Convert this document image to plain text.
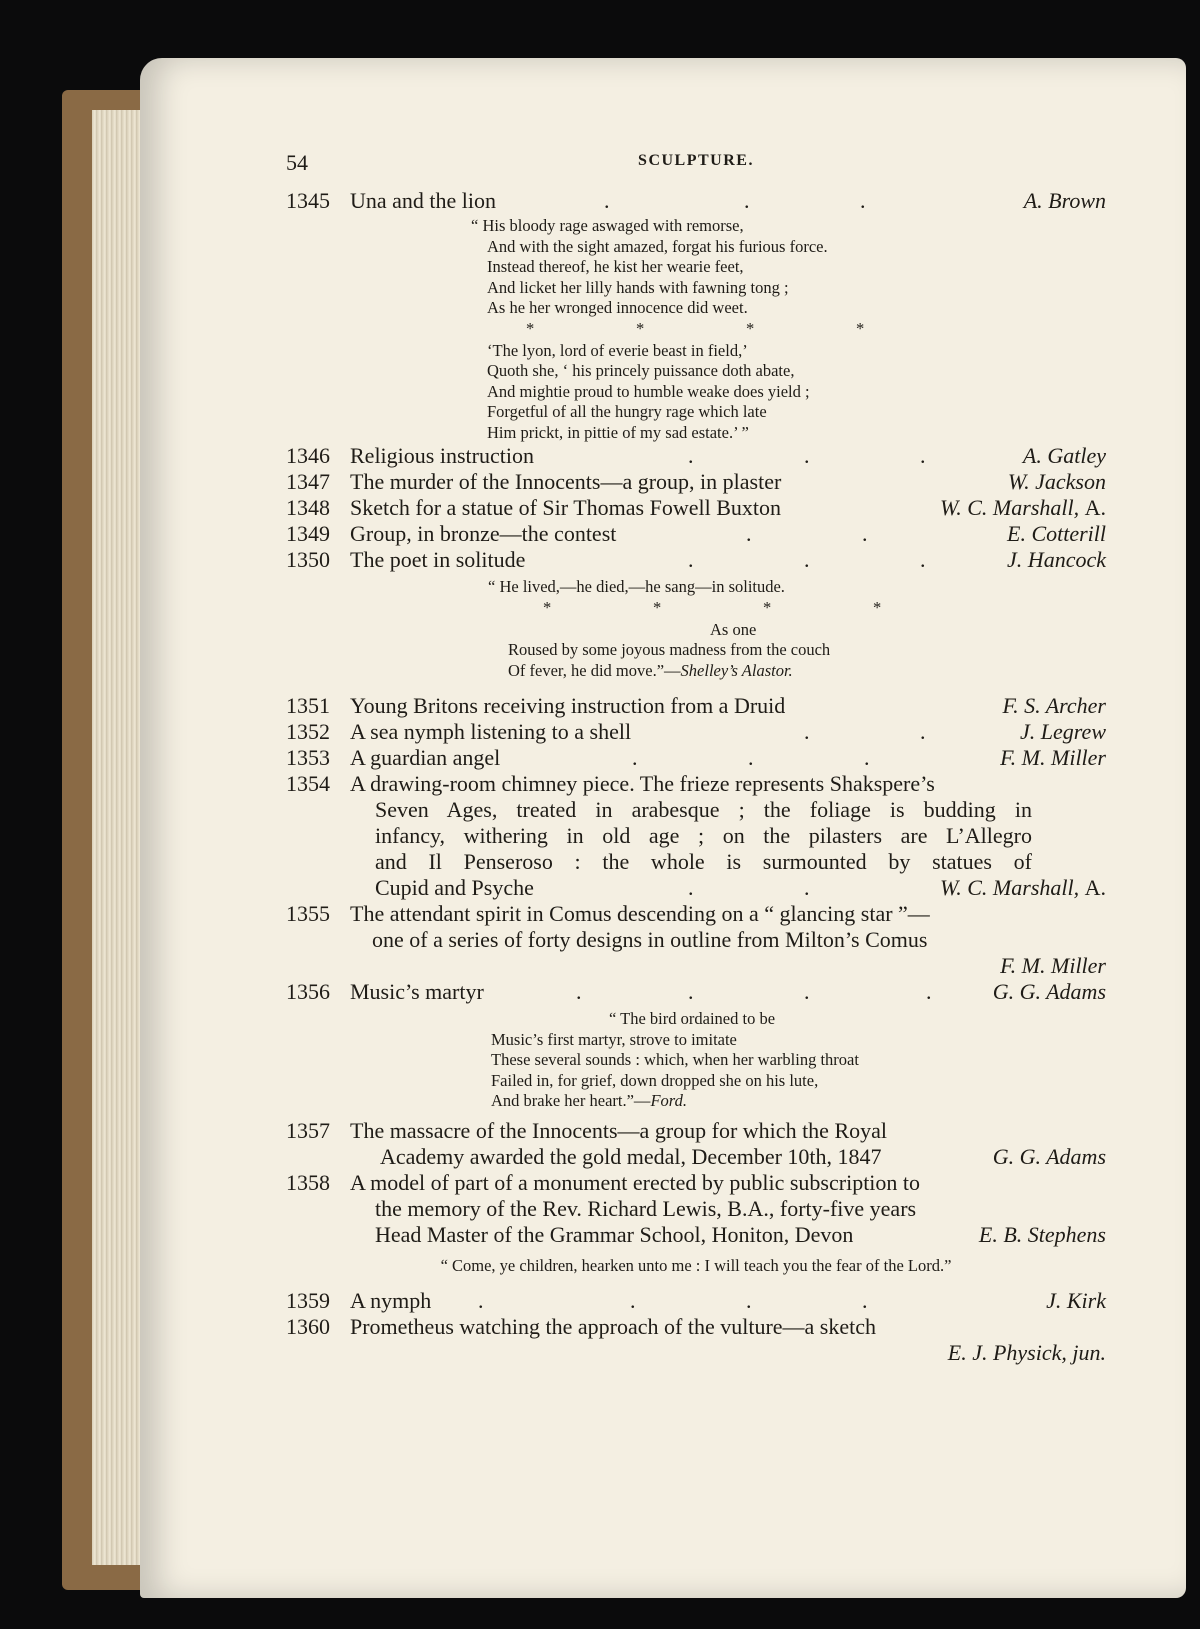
54	SCULPTURE.
1345 Una and the lion	.	.	.	A. Brown
“ His bloody rage aswaged with remorse,
And with the sight amazed, forgat his furious force.
Instead thereof, he kist her wearie feet,
And licket her lilly hands with fawning tong ;
As he her wronged innocence did weet.
*	*	*	*
‘The lyon, lord of everie beast in field,’
Quoth she, ‘ his princely puissance doth abate,
And mightie proud to humble weake does yield ;
Forgetful of all the hungry rage which late
Him prickt, in pittie of my sad estate.’ ”
1346 Religious instruction	.	.	.	A. Gatley
1347 The murder of the Innocents—a group, in plaster	W. Jackson
1348 Sketch for a statue of Sir Thomas Fowell Buxton	W. C. Marshall, A.
1349 Group, in bronze—the contest	.	.	E. Cotterill
1350 The poet in solitude	.	.	.	J. Hancock
“ He lived,—he died,—he sang—in solitude.
*	*	*	*
As one
Roused by some joyous madness from the couch
Of fever, he did move.”—Shelley’s Alastor.
1351 Young Britons receiving instruction from a Druid	F. S. Archer
1352 A sea nymph listening to a shell	.	.	J. Legrew
1353 A guardian angel	.	.	.	F. M. Miller
1354 A drawing-room chimney piece. The frieze represents Shakspere’s
Seven Ages, treated in arabesque ; the foliage is budding in
infancy, withering in old age ; on the pilasters are L’Allegro
and Il Penseroso : the whole is surmounted by statues of
Cupid and Psyche	.	.	W. C. Marshall, A.
1355 The attendant spirit in Comus descending on a “ glancing star ”—
one of a series of forty designs in outline from Milton’s Comus
F. M. Miller
1356 Music’s martyr	.	.	.	.	G. G. Adams
“ The bird ordained to be
Music’s first martyr, strove to imitate
These several sounds : which, when her warbling throat
Failed in, for grief, down dropped she on his lute,
And brake her heart.”—Ford.
1357 The massacre of the Innocents—a group for which the Royal
Academy awarded the gold medal, December 10th, 1847	G. G. Adams
1358 A model of part of a monument erected by public subscription to
the memory of the Rev. Richard Lewis, B.A., forty-five years
Head Master of the Grammar School, Honiton, Devon	E. B. Stephens
“ Come, ye children, hearken unto me : I will teach you the fear of the Lord.”
1359 A nymph .	.	.	.	J. Kirk
1360 Prometheus watching the approach of the vulture—a sketch
E. J. Physick, jun.
